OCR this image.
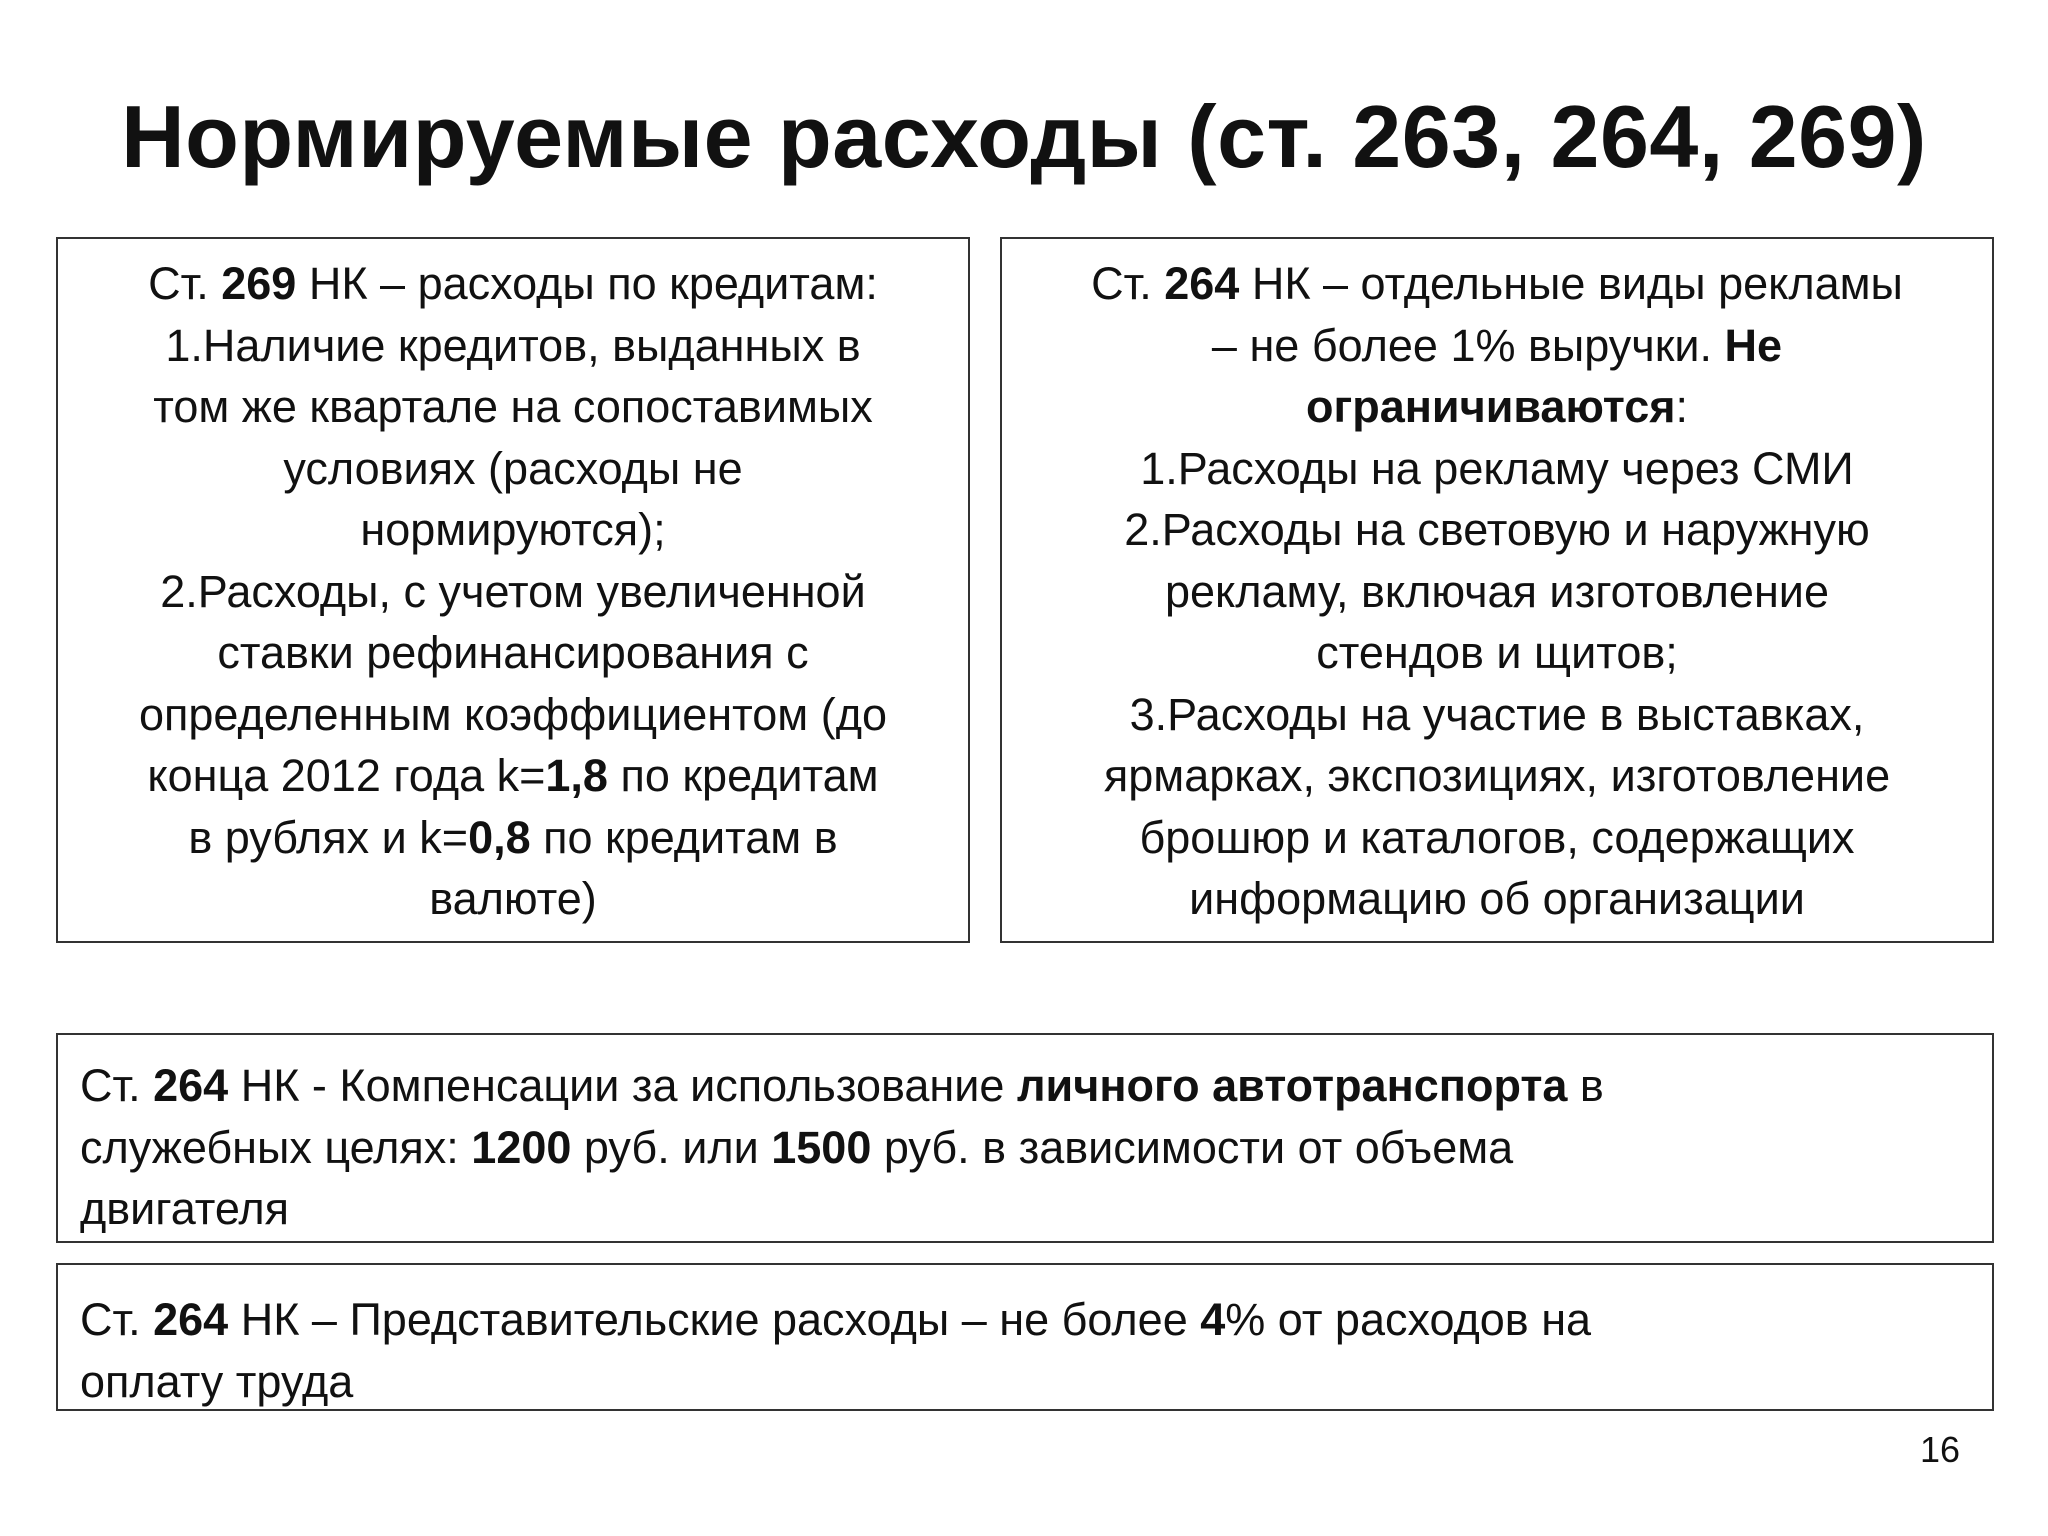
Нормируемые расходы (ст. 263, 264, 269)
Ст. 269 НК – расходы по кредитам:
1.Наличие кредитов, выданных в
том же квартале на сопоставимых
условиях (расходы не
нормируются);
2.Расходы, с учетом увеличенной
ставки рефинансирования с
определенным коэффициентом (до
конца 2012 года k=1,8 по кредитам
в рублях и k=0,8 по кредитам в
валюте)
Ст. 264 НК – отдельные виды рекламы
– не более 1% выручки. Не
ограничиваются:
1.Расходы на рекламу через СМИ
2.Расходы на световую и наружную
рекламу, включая изготовление
стендов и щитов;
3.Расходы на участие в выставках,
ярмарках, экспозициях, изготовление
брошюр и каталогов, содержащих
информацию об организации
Ст. 264 НК - Компенсации за использование личного автотранспорта в
служебных целях: 1200 руб. или 1500 руб. в зависимости от объема
двигателя
Ст. 264 НК – Представительские расходы – не более 4% от расходов на
оплату труда
16
